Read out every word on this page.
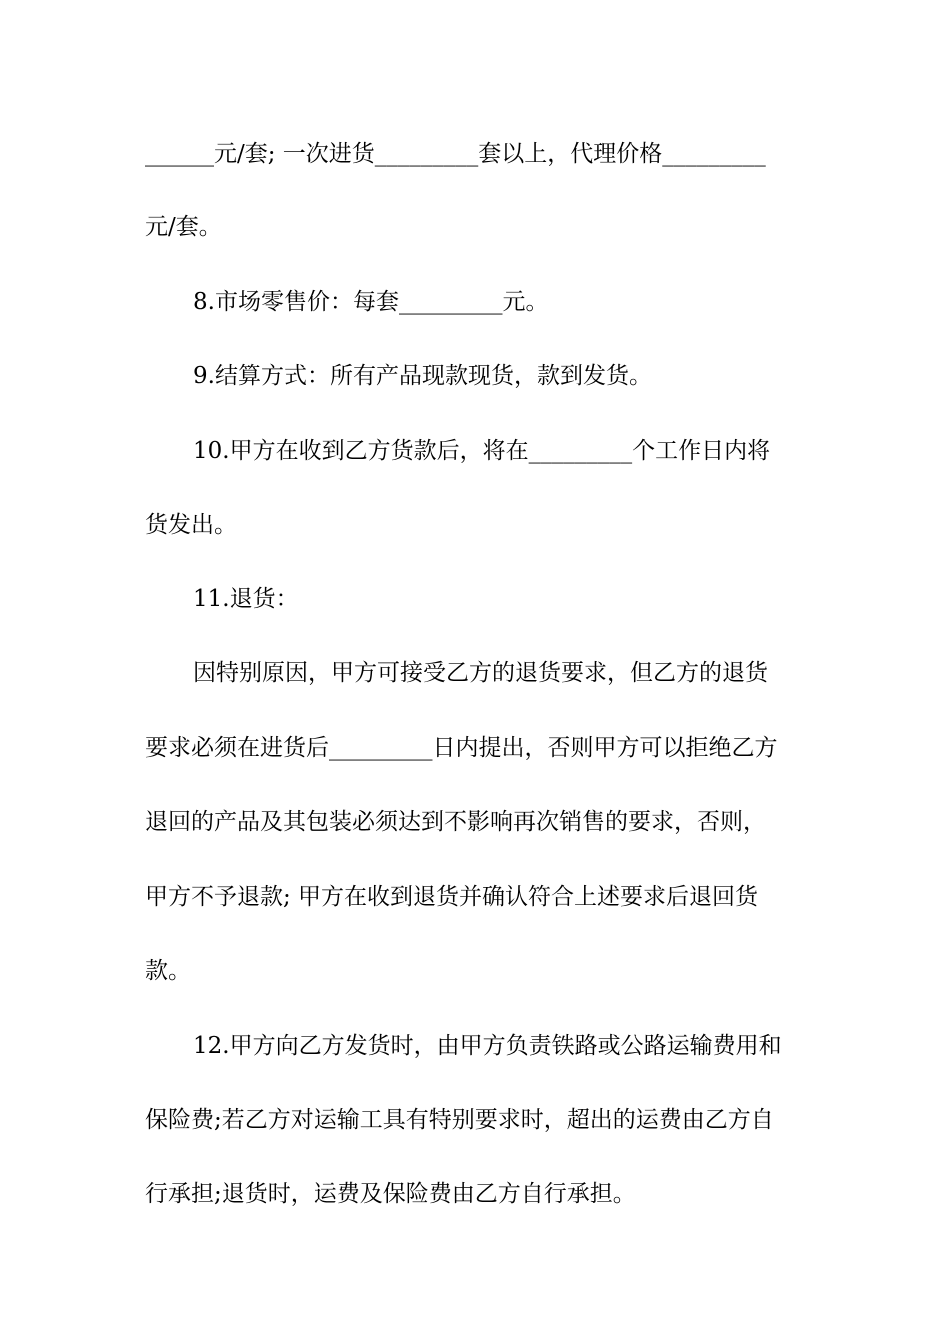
______元/套; 一次进货_________套以上，代理价格_________
元/套。
8.市场零售价：每套_________元。
9.结算方式：所有产品现款现货，款到发货。
10.甲方在收到乙方货款后，将在_________个工作日内将
货发出。
11.退货：
因特别原因，甲方可接受乙方的退货要求，但乙方的退货
要求必须在进货后_________日内提出，否则甲方可以拒绝乙方
退回的产品及其包装必须达到不影响再次销售的要求，否则，
甲方不予退款; 甲方在收到退货并确认符合上述要求后退回货
款。
12.甲方向乙方发货时，由甲方负责铁路或公路运输费用和
保险费;若乙方对运输工具有特别要求时，超出的运费由乙方自
行承担;退货时，运费及保险费由乙方自行承担。
